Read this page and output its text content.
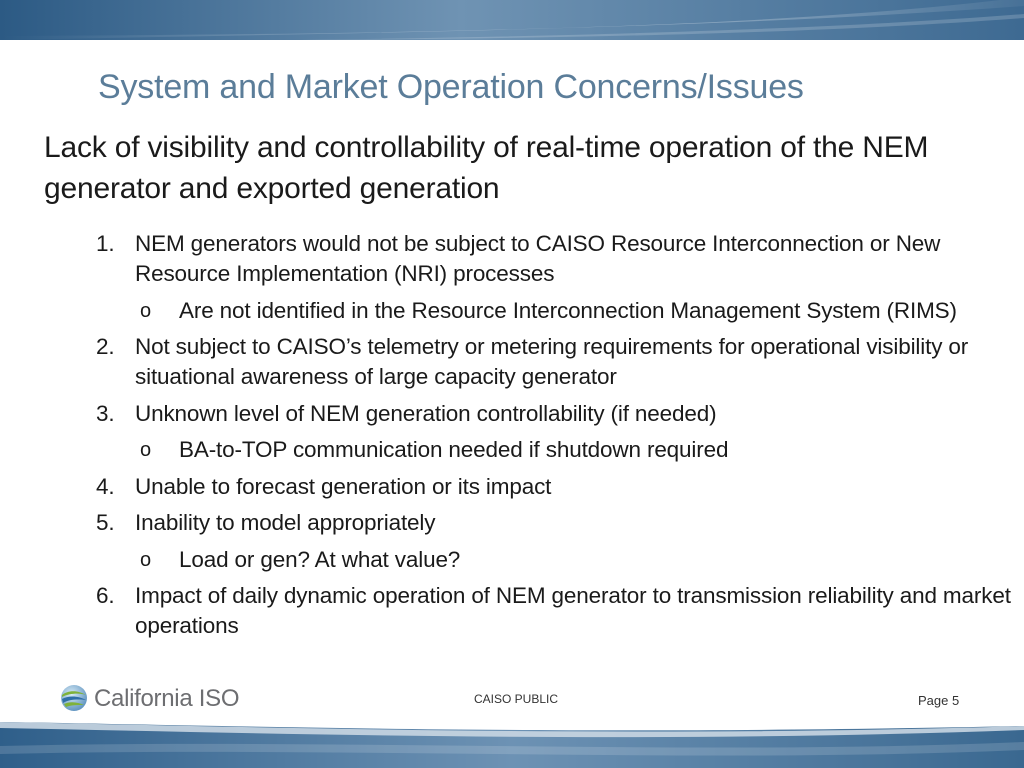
System and Market Operation Concerns/Issues

Lack of visibility and controllability of real-time operation of the NEM generator and exported generation

1. NEM generators would not be subject to CAISO Resource Interconnection or New Resource Implementation (NRI) processes
o Are not identified in the Resource Interconnection Management System (RIMS)
2. Not subject to CAISO’s telemetry or metering requirements for operational visibility or situational awareness of large capacity generator
3. Unknown level of NEM generation controllability (if needed)
o BA-to-TOP communication needed if shutdown required
4. Unable to forecast generation or its impact
5. Inability to model appropriately
o Load or gen? At what value?
6. Impact of daily dynamic operation of NEM generator to transmission reliability and market operations
California ISO	CAISO PUBLIC	Page 5
